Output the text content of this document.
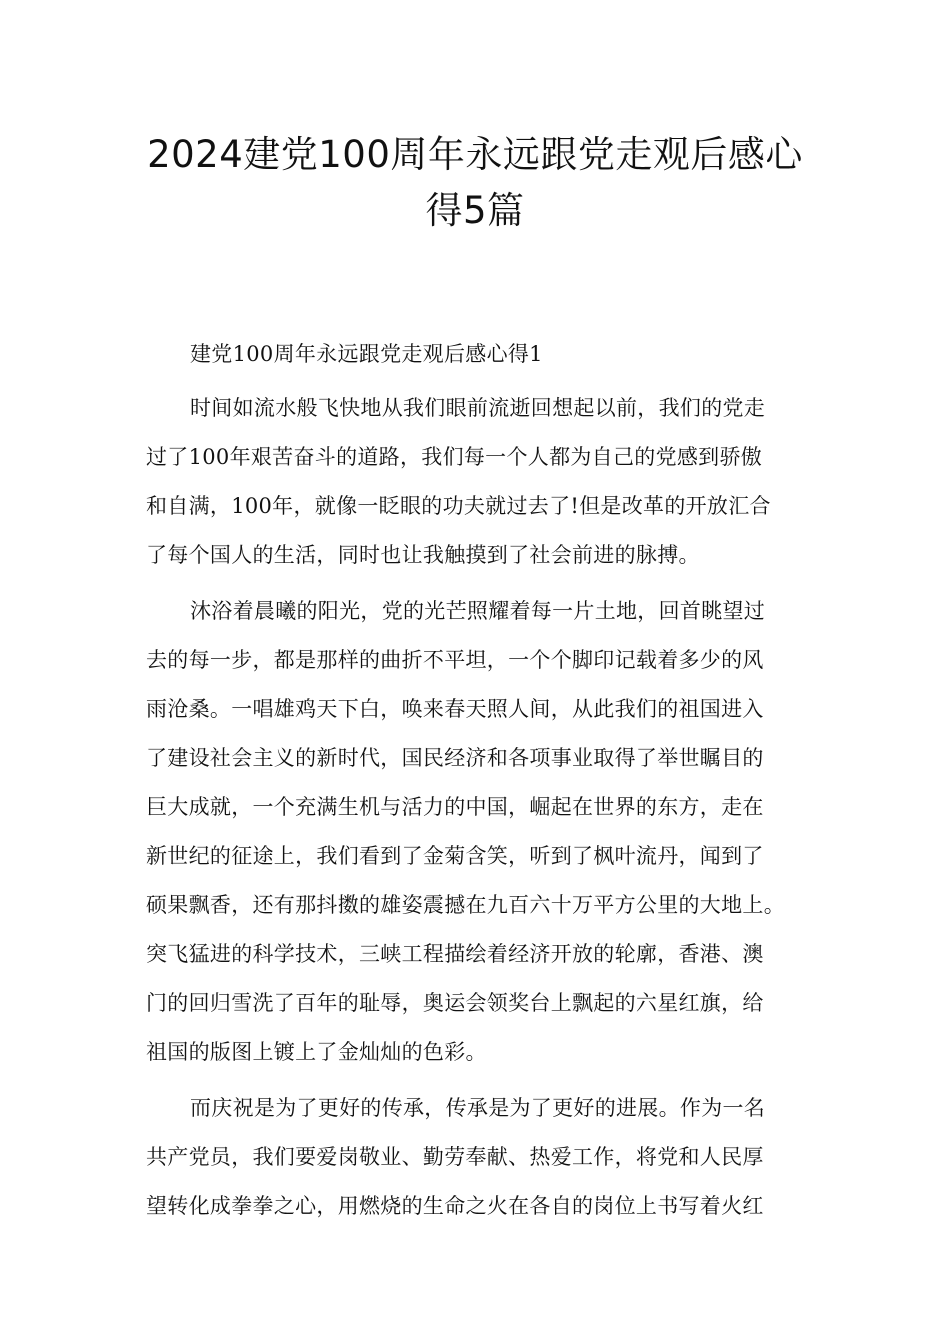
2024建党100周年永远跟党走观后感心
得5篇

建党100周年永远跟党走观后感心得1

时间如流水般飞快地从我们眼前流逝回想起以前，我们的党走
过了100年艰苦奋斗的道路，我们每一个人都为自己的党感到骄傲
和自满，100年，就像一眨眼的功夫就过去了!但是改革的开放汇合
了每个国人的生活，同时也让我触摸到了社会前进的脉搏。
沐浴着晨曦的阳光，党的光芒照耀着每一片土地，回首眺望过
去的每一步，都是那样的曲折不平坦，一个个脚印记载着多少的风
雨沧桑。一唱雄鸡天下白，唤来春天照人间，从此我们的祖国进入
了建设社会主义的新时代，国民经济和各项事业取得了举世瞩目的
巨大成就，一个充满生机与活力的中国，崛起在世界的东方，走在
新世纪的征途上，我们看到了金菊含笑，听到了枫叶流丹，闻到了
硕果飘香，还有那抖擞的雄姿震撼在九百六十万平方公里的大地上。
突飞猛进的科学技术，三峡工程描绘着经济开放的轮廓，香港、澳
门的回归雪洗了百年的耻辱，奥运会领奖台上飘起的六星红旗，给
祖国的版图上镀上了金灿灿的色彩。
而庆祝是为了更好的传承，传承是为了更好的进展。作为一名
共产党员，我们要爱岗敬业、勤劳奉献、热爱工作，将党和人民厚
望转化成拳拳之心，用燃烧的生命之火在各自的岗位上书写着火红
